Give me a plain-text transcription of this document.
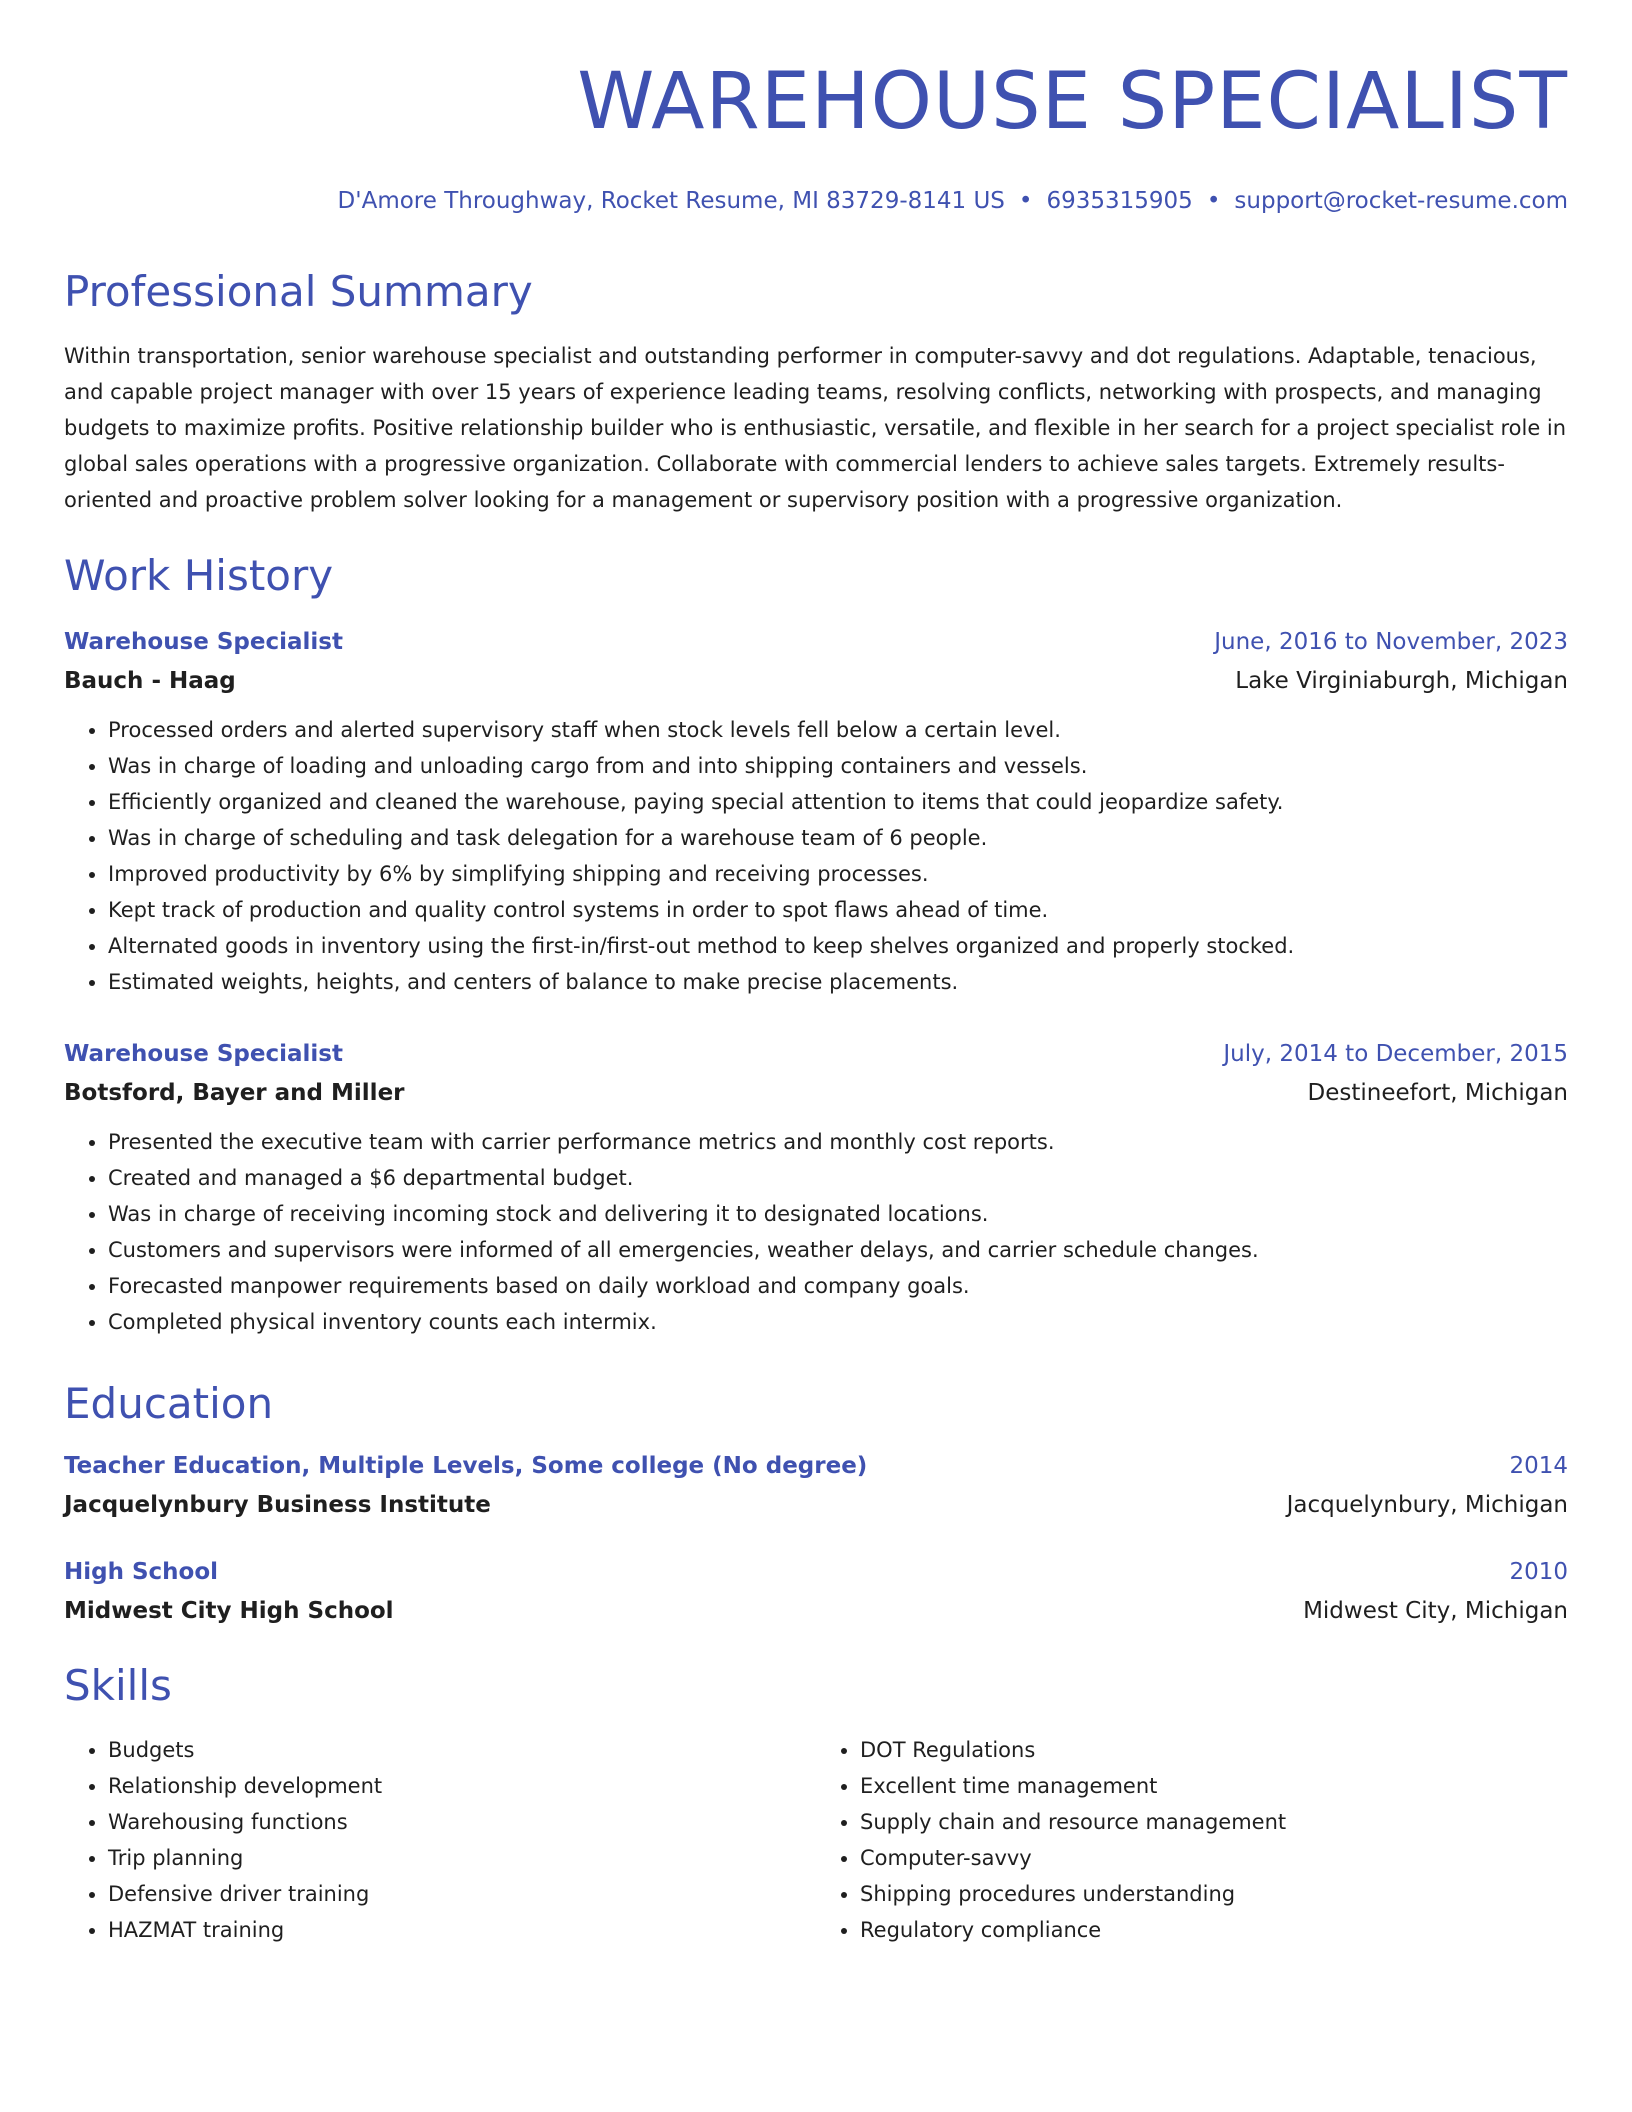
WAREHOUSE SPECIALIST
D'Amore Throughway, Rocket Resume, MI 83729-8141 US • 6935315905 • support@rocket-resume.com
Professional Summary
Within transportation, senior warehouse specialist and outstanding performer in computer-savvy and dot regulations. Adaptable, tenacious, and capable project manager with over 15 years of experience leading teams, resolving conflicts, networking with prospects, and managing budgets to maximize profits. Positive relationship builder who is enthusiastic, versatile, and flexible in her search for a project specialist role in global sales operations with a progressive organization. Collaborate with commercial lenders to achieve sales targets. Extremely results-oriented and proactive problem solver looking for a management or supervisory position with a progressive organization.
Work History
Warehouse Specialist	June, 2016 to November, 2023
Bauch - Haag	Lake Virginiaburgh, Michigan
• Processed orders and alerted supervisory staff when stock levels fell below a certain level.
• Was in charge of loading and unloading cargo from and into shipping containers and vessels.
• Efficiently organized and cleaned the warehouse, paying special attention to items that could jeopardize safety.
• Was in charge of scheduling and task delegation for a warehouse team of 6 people.
• Improved productivity by 6% by simplifying shipping and receiving processes.
• Kept track of production and quality control systems in order to spot flaws ahead of time.
• Alternated goods in inventory using the first-in/first-out method to keep shelves organized and properly stocked.
• Estimated weights, heights, and centers of balance to make precise placements.
Warehouse Specialist	July, 2014 to December, 2015
Botsford, Bayer and Miller	Destineefort, Michigan
• Presented the executive team with carrier performance metrics and monthly cost reports.
• Created and managed a $6 departmental budget.
• Was in charge of receiving incoming stock and delivering it to designated locations.
• Customers and supervisors were informed of all emergencies, weather delays, and carrier schedule changes.
• Forecasted manpower requirements based on daily workload and company goals.
• Completed physical inventory counts each intermix.
Education
Teacher Education, Multiple Levels, Some college (No degree)	2014
Jacquelynbury Business Institute	Jacquelynbury, Michigan
High School	2010
Midwest City High School	Midwest City, Michigan
Skills
• Budgets
• Relationship development
• Warehousing functions
• Trip planning
• Defensive driver training
• HAZMAT training
• DOT Regulations
• Excellent time management
• Supply chain and resource management
• Computer-savvy
• Shipping procedures understanding
• Regulatory compliance
